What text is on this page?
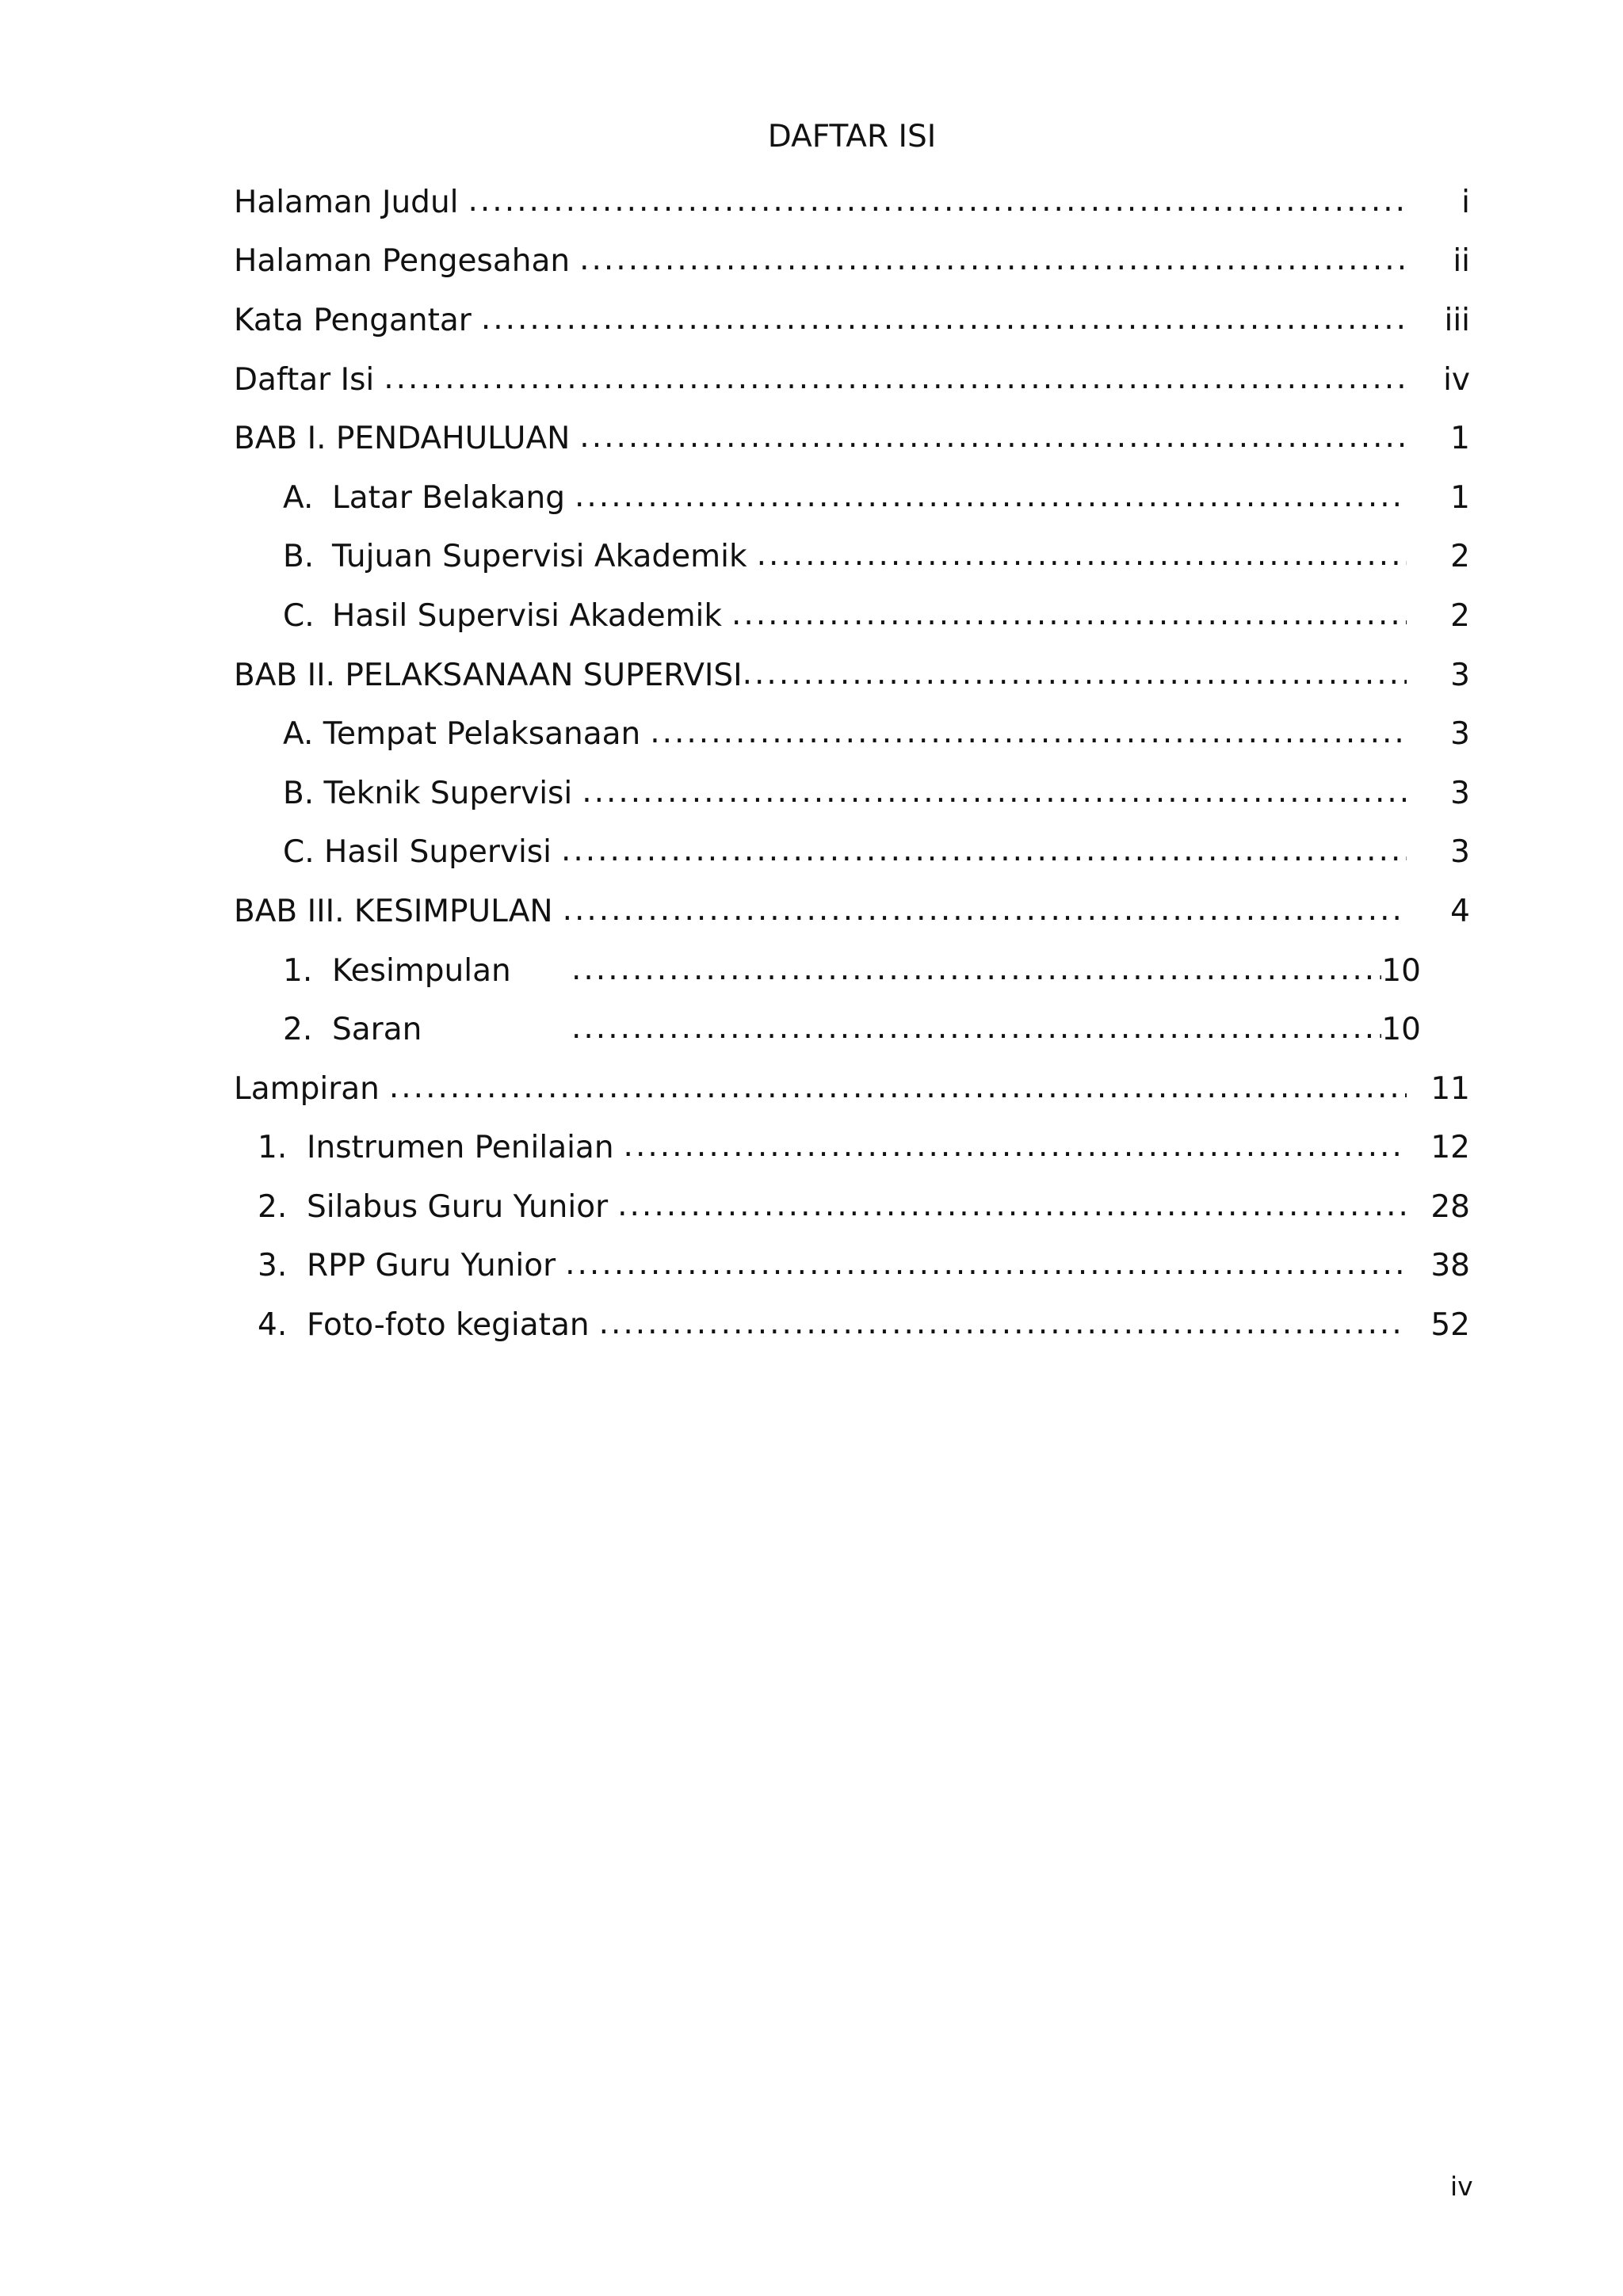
DAFTAR ISI
Halaman Judul .....	i
Halaman Pengesahan .....	ii
Kata Pengantar .....	iii
Daftar Isi .....	iv
BAB I. PENDAHULUAN .....	1
A. Latar Belakang .....	1
B. Tujuan Supervisi Akademik .....	2
C. Hasil Supervisi Akademik .....	2
BAB II. PELAKSANAAN SUPERVISI .....	3
A. Tempat Pelaksanaan .....	3
B. Teknik Supervisi .....	3
C. Hasil Supervisi .....	3
BAB III. KESIMPULAN .....	4
1. Kesimpulan .....	10
2. Saran .....	10
Lampiran .....	11
1. Instrumen Penilaian .....	12
2. Silabus Guru Yunior .....	28
3. RPP Guru Yunior .....	38
4. Foto-foto kegiatan .....	52
iv
